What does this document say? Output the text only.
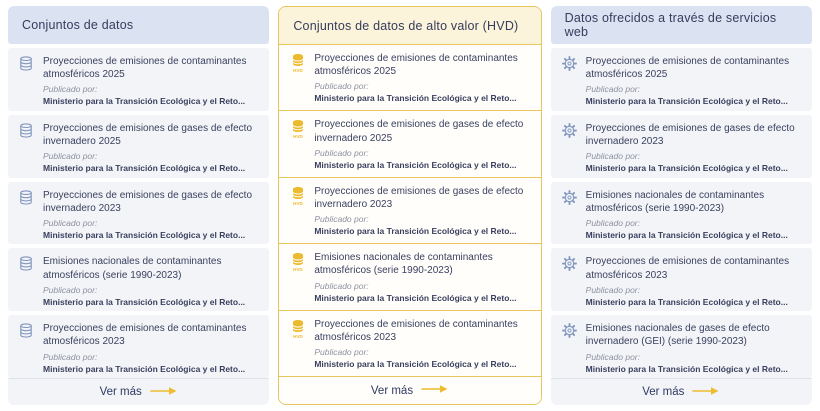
Conjuntos de datos
Proyecciones de emisiones de contaminantes atmosféricos 2025
Publicado por:
Ministerio para la Transición Ecológica y el Reto...
Proyecciones de emisiones de gases de efecto invernadero 2025
Publicado por:
Ministerio para la Transición Ecológica y el Reto...
Proyecciones de emisiones de gases de efecto invernadero 2023
Publicado por:
Ministerio para la Transición Ecológica y el Reto...
Emisiones nacionales de contaminantes atmosféricos (serie 1990-2023)
Publicado por:
Ministerio para la Transición Ecológica y el Reto...
Proyecciones de emisiones de contaminantes atmosféricos 2023
Publicado por:
Ministerio para la Transición Ecológica y el Reto...
Ver más
Conjuntos de datos de alto valor (HVD)
HVD
Proyecciones de emisiones de contaminantes atmosféricos 2025
Publicado por:
Ministerio para la Transición Ecológica y el Reto...
HVD
Proyecciones de emisiones de gases de efecto invernadero 2025
Publicado por:
Ministerio para la Transición Ecológica y el Reto...
HVD
Proyecciones de emisiones de gases de efecto invernadero 2023
Publicado por:
Ministerio para la Transición Ecológica y el Reto...
HVD
Emisiones nacionales de contaminantes atmosféricos (serie 1990-2023)
Publicado por:
Ministerio para la Transición Ecológica y el Reto...
HVD
Proyecciones de emisiones de contaminantes atmosféricos 2023
Publicado por:
Ministerio para la Transición Ecológica y el Reto...
Ver más
Datos ofrecidos a través de servicios web
Proyecciones de emisiones de contaminantes atmosféricos 2025
Publicado por:
Ministerio para la Transición Ecológica y el Reto...
Proyecciones de emisiones de gases de efecto invernadero 2023
Publicado por:
Ministerio para la Transición Ecológica y el Reto...
Emisiones nacionales de contaminantes atmosféricos (serie 1990-2023)
Publicado por:
Ministerio para la Transición Ecológica y el Reto...
Proyecciones de emisiones de contaminantes atmosféricos 2023
Publicado por:
Ministerio para la Transición Ecológica y el Reto...
Emisiones nacionales de gases de efecto invernadero (GEI) (serie 1990-2023)
Publicado por:
Ministerio para la Transición Ecológica y el Reto...
Ver más
